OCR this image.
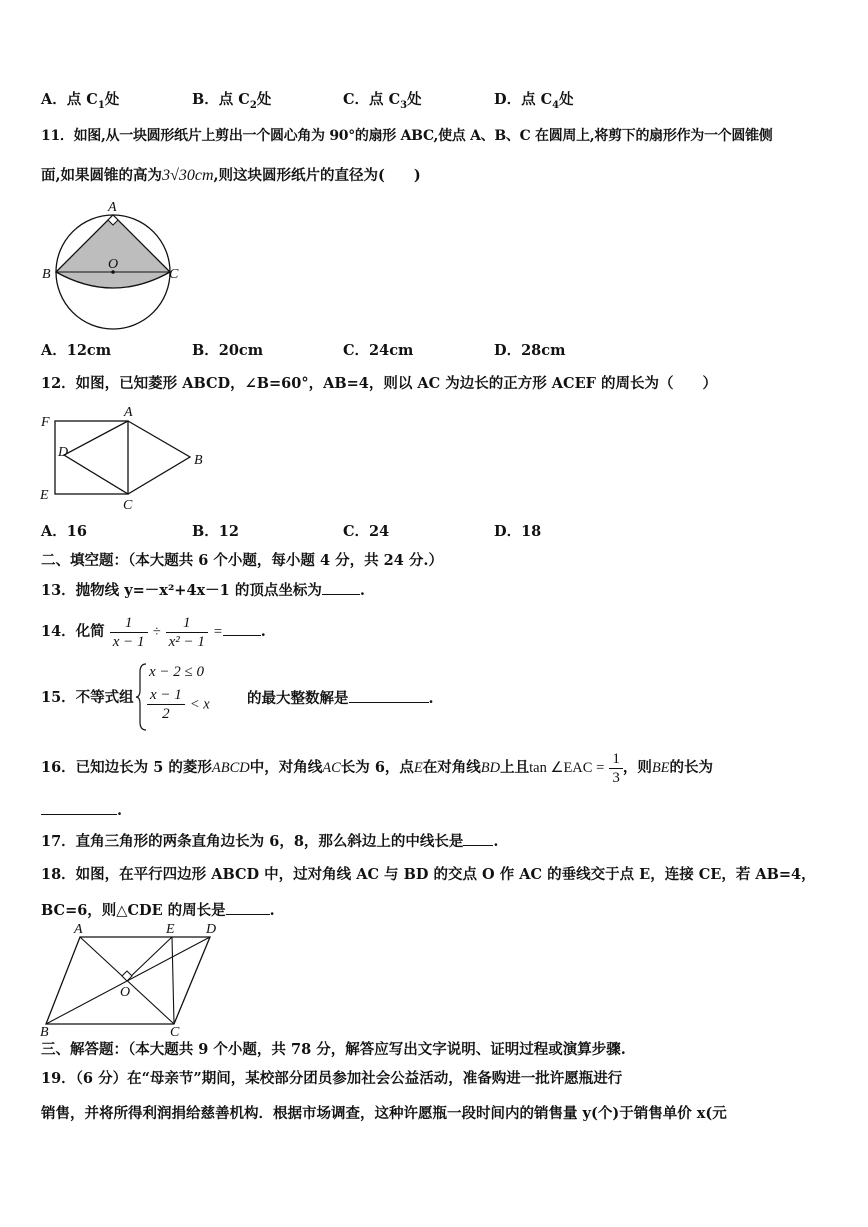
A．点 $C_1$处	B．点 $C_2$处	C．点 $C_3$处	D．点 $C_4$处
11．如图,从一块圆形纸片上剪出一个圆心角为 90°的扇形 ABC,使点 A、B、C 在圆周上,将剪下的扇形作为一个圆锥侧
面,如果圆锥的高为3√30cm,则这块圆形纸片的直径为(　　)
A
B	C
O
A．12cm	B．20cm	C．24cm	D．28cm
12．如图，已知菱形 ABCD，∠B=60°，AB=4，则以 AC 为边长的正方形 ACEF 的周长为（　　）
F
A
D
B
E
C
A．16	B．12	C．24	D．18
二、填空题：（本大题共 6 个小题，每小题 4 分，共 24 分.）
13．抛物线 y=－x²+4x－1 的顶点坐标为	.
14．化简 $\frac{1}{x - 1} \div \frac{1}{\text{x² − 1}}$ =	.
15．不等式组
x − 2 ≤ 0
$\frac{x - 1}{2} < x$	的最大整数解是	.
16．已知边长为 5 的菱形ABCD中，对角线AC长为 6，点E在对角线BD上且tan ∠EAC = $\frac{1}{3}$ ，则BE的长为
.
17．直角三角形的两条直角边长为 6，8，那么斜边上的中线长是 .
18．如图，在平行四边形 ABCD 中，过对角线 AC 与 BD 的交点 O 作 AC 的垂线交于点 E，连接 CE，若 AB=4，
BC=6，则△CDE 的周长是	.
A	E D
O
B	C
三、解答题：（本大题共 9 个小题，共 78 分，解答应写出文字说明、证明过程或演算步骤.
19．（6 分）在“母亲节”期间，某校部分团员参加社会公益活动，准备购进一批许愿瓶进行
销售，并将所得利润捐给慈善机构．根据市场调查，这种许愿瓶一段时间内的销售量 y(个)于销售单价 x(元
